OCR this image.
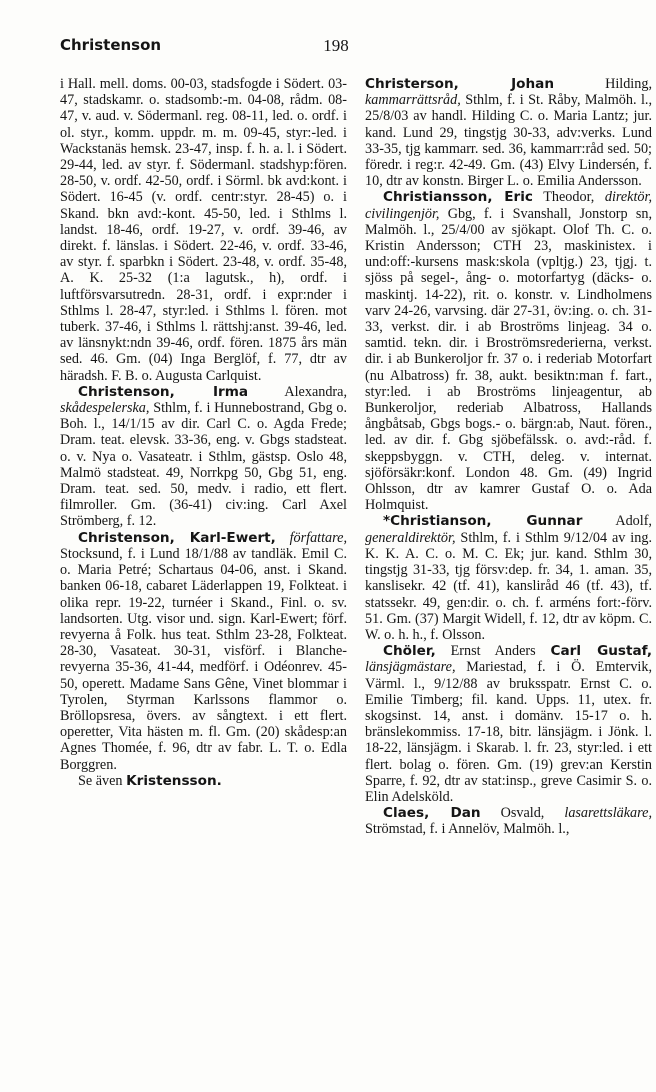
Christenson	198
i Hall. mell. doms. 00-03, stadsfogde i Södert. 03-47, stadskamr. o. stadsomb:-m. 04-08, rådm. 08-47, v. aud. v. Södermanl. reg. 08-11, led. o. ordf. i ol. styr., komm. uppdr. m. m. 09-45, styr:-led. i Wackstanäs hemsk. 23-47, insp. f. h. a. l. i Södert. 29-44, led. av styr. f. Södermanl. stadshyp:fören. 28-50, v. ordf. 42-50, ordf. i Sörml. bk avd:kont. i Södert. 16-45 (v. ordf. centr:styr. 28-45) o. i Skand. bkn avd:-kont. 45-50, led. i Sthlms l. landst. 18-46, ordf. 19-27, v. ordf. 39-46, av direkt. f. länslas. i Södert. 22-46, v. ordf. 33-46, av styr. f. sparbkn i Södert. 23-48, v. ordf. 35-48, A. K. 25-32 (1:a lagutsk., h), ordf. i luftförsvarsutredn. 28-31, ordf. i expr:nder i Sthlms l. 28-47, styr:led. i Sthlms l. fören. mot tuberk. 37-46, i Sthlms l. rättshj:anst. 39-46, led. av länsnykt:ndn 39-46, ordf. fören. 1875 års män sed. 46. Gm. (04) Inga Berglöf, f. 77, dtr av häradsh. F. B. o. Augusta Carlquist.
Christenson, Irma Alexandra, skådespelerska, Sthlm, f. i Hunnebostrand, Gbg o. Boh. l., 14/1/15 av dir. Carl C. o. Agda Frede; Dram. teat. elevsk. 33-36, eng. v. Gbgs stadsteat. o. v. Nya o. Vasateatr. i Sthlm, gästsp. Oslo 48, Malmö stadsteat. 49, Norrkpg 50, Gbg 51, eng. Dram. teat. sed. 50, medv. i radio, ett flert. filmroller. Gm. (36-41) civ:ing. Carl Axel Strömberg, f. 12.
Christenson, Karl-Ewert, författare, Stocksund, f. i Lund 18/1/88 av tandläk. Emil C. o. Maria Petré; Schartaus 04-06, anst. i Skand. banken 06-18, cabaret Läderlappen 19, Folkteat. i olika repr. 19-22, turnéer i Skand., Finl. o. sv. landsorten. Utg. visor und. sign. Karl-Ewert; förf. revyerna å Folk. hus teat. Sthlm 23-28, Folkteat. 28-30, Vasateat. 30-31, visförf. i Blanche-revyerna 35-36, 41-44, medförf. i Odéonrev. 45-50, operett. Madame Sans Gêne, Vinet blommar i Tyrolen, Styrman Karlssons flammor o. Bröllopsresa, övers. av sångtext. i ett flert. operetter, Vita hästen m. fl. Gm. (20) skådesp:an Agnes Thomée, f. 96, dtr av fabr. L. T. o. Edla Borggren.
Se även Kristensson.
Christerson, Johan Hilding, kammarrättsråd, Sthlm, f. i St. Råby, Malmöh. l., 25/8/03 av handl. Hilding C. o. Maria Lantz; jur. kand. Lund 29, tingstjg 30-33, adv:verks. Lund 33-35, tjg kammarr. sed. 36, kammarr:råd sed. 50; föredr. i reg:r. 42-49. Gm. (43) Elvy Lindersén, f. 10, dtr av konstn. Birger L. o. Emilia Andersson.
Christiansson, Eric Theodor, direktör, civilingenjör, Gbg, f. i Svanshall, Jonstorp sn, Malmöh. l., 25/4/00 av sjökapt. Olof Th. C. o. Kristin Andersson; CTH 23, maskinistex. i und:off:-kursens mask:skola (vpltjg.) 23, tjgj. t. sjöss på segel-, ång- o. motorfartyg (däcks- o. maskintj. 14-22), rit. o. konstr. v. Lindholmens varv 24-26, varvsing. där 27-31, öv:ing. o. ch. 31-33, verkst. dir. i ab Broströms linjeag. 34 o. samtid. tekn. dir. i Broströmsrederierna, verkst. dir. i ab Bunkeroljor fr. 37 o. i rederiab Motorfart (nu Albatross) fr. 38, aukt. besiktn:man f. fart., styr:led. i ab Broströms linjeagentur, ab Bunkeroljor, rederiab Albatross, Hallands ångbåtsab, Gbgs bogs.- o. bärgn:ab, Naut. fören., led. av dir. f. Gbg sjöbefälssk. o. avd:-råd. f. skeppsbyggn. v. CTH, deleg. v. internat. sjöförsäkr:konf. London 48. Gm. (49) Ingrid Ohlsson, dtr av kamrer Gustaf O. o. Ada Holmquist.
*Christianson, Gunnar Adolf, generaldirektör, Sthlm, f. i Sthlm 9/12/04 av ing. K. K. A. C. o. M. C. Ek; jur. kand. Sthlm 30, tingstjg 31-33, tjg försv:dep. fr. 34, 1. aman. 35, kanslisekr. 42 (tf. 41), kanslіråd 46 (tf. 43), tf. statssekr. 49, gen:dir. o. ch. f. arméns fort:-förv. 51. Gm. (37) Margit Widell, f. 12, dtr av köpm. C. W. o. h. h., f. Olsson.
Chöler, Ernst Anders Carl Gustaf, länsjägmästare, Mariestad, f. i Ö. Emtervik, Värml. l., 9/12/88 av bruksspatr. Ernst C. o. Emilie Timberg; fil. kand. Upps. 11, utex. fr. skogsinst. 14, anst. i domänv. 15-17 o. h. bränslekommiss. 17-18, bitr. länsjägm. i Jönk. l. 18-22, länsjägm. i Skarab. l. fr. 23, styr:led. i ett flert. bolag o. fören. Gm. (19) grev:an Kerstin Sparre, f. 92, dtr av stat:insp., greve Casimir S. o. Elin Adelsköld.
Claes, Dan Osvald, lasarettsläkare, Strömstad, f. i Annelöv, Malmöh. l.,
